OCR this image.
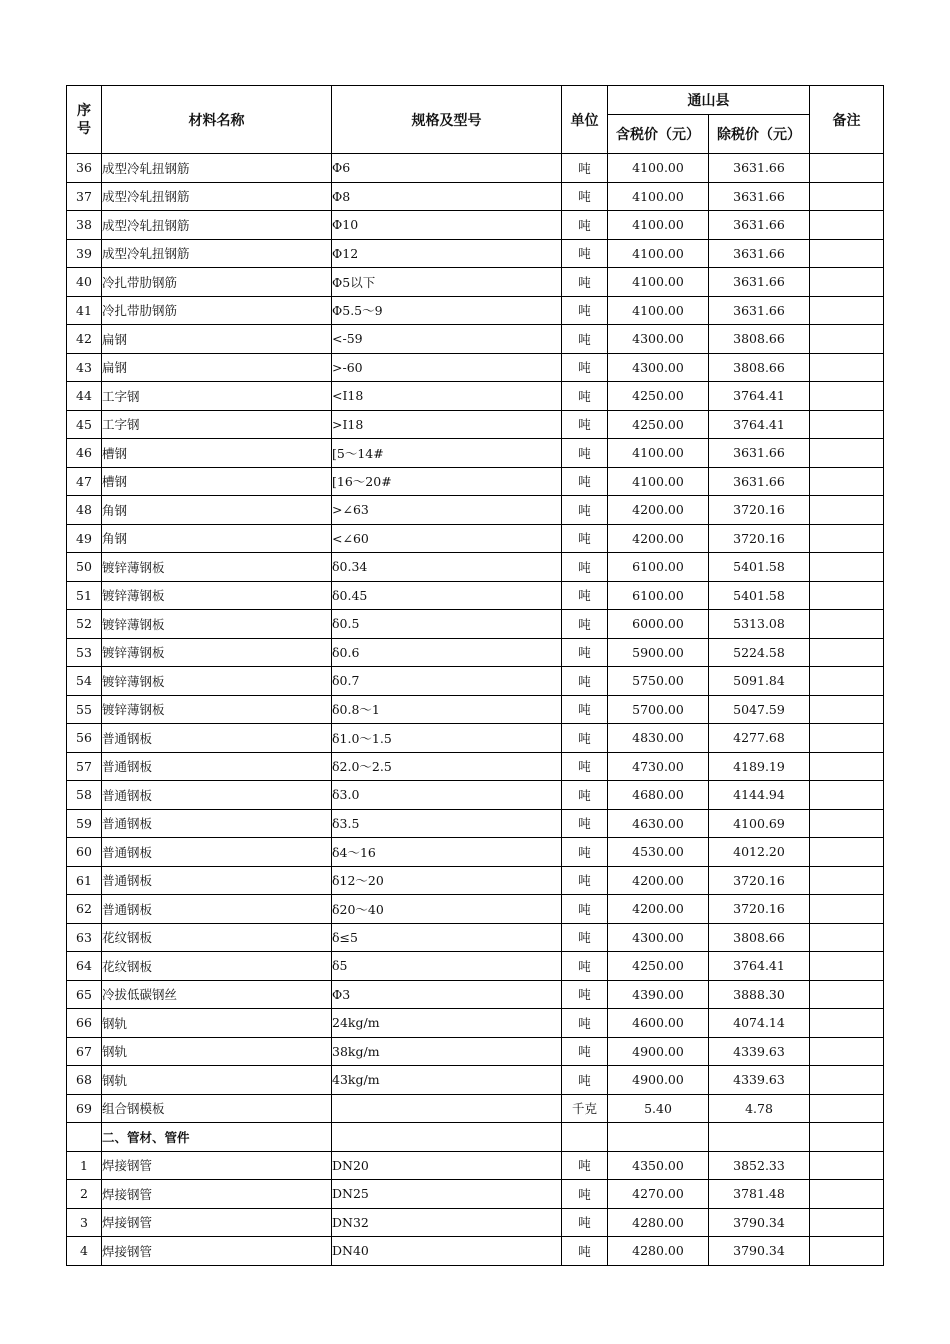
序号	材料名称	规格及型号	单位	通山县		备注
				含税价（元）	除税价（元）	
36	成型冷轧扭钢筋	Φ6	吨	4100.00	3631.66	
37	成型冷轧扭钢筋	Φ8	吨	4100.00	3631.66	
38	成型冷轧扭钢筋	Φ10	吨	4100.00	3631.66	
39	成型冷轧扭钢筋	Φ12	吨	4100.00	3631.66	
40	冷扎带肋钢筋	Φ5以下	吨	4100.00	3631.66	
41	冷扎带肋钢筋	Φ5.5～9	吨	4100.00	3631.66	
42	扁钢	<-59	吨	4300.00	3808.66	
43	扁钢	>-60	吨	4300.00	3808.66	
44	工字钢	<Ⅰ18	吨	4250.00	3764.41	
45	工字钢	>Ⅰ18	吨	4250.00	3764.41	
46	槽钢	[5～14#	吨	4100.00	3631.66	
47	槽钢	[16～20#	吨	4100.00	3631.66	
48	角钢	>∠63	吨	4200.00	3720.16	
49	角钢	<∠60	吨	4200.00	3720.16	
50	镀锌薄钢板	δ0.34	吨	6100.00	5401.58	
51	镀锌薄钢板	δ0.45	吨	6100.00	5401.58	
52	镀锌薄钢板	δ0.5	吨	6000.00	5313.08	
53	镀锌薄钢板	δ0.6	吨	5900.00	5224.58	
54	镀锌薄钢板	δ0.7	吨	5750.00	5091.84	
55	镀锌薄钢板	δ0.8～1	吨	5700.00	5047.59	
56	普通钢板	δ1.0～1.5	吨	4830.00	4277.68	
57	普通钢板	δ2.0～2.5	吨	4730.00	4189.19	
58	普通钢板	δ3.0	吨	4680.00	4144.94	
59	普通钢板	δ3.5	吨	4630.00	4100.69	
60	普通钢板	δ4～16	吨	4530.00	4012.20	
61	普通钢板	δ12～20	吨	4200.00	3720.16	
62	普通钢板	δ20～40	吨	4200.00	3720.16	
63	花纹钢板	δ≤5	吨	4300.00	3808.66	
64	花纹钢板	δ5	吨	4250.00	3764.41	
65	冷拔低碳钢丝	Φ3	吨	4390.00	3888.30	
66	钢轨	24kg/m	吨	4600.00	4074.14	
67	钢轨	38kg/m	吨	4900.00	4339.63	
68	钢轨	43kg/m	吨	4900.00	4339.63	
69	组合钢模板		千克	5.40	4.78	
	二、管材、管件					
1	焊接钢管	DN20	吨	4350.00	3852.33	
2	焊接钢管	DN25	吨	4270.00	3781.48	
3	焊接钢管	DN32	吨	4280.00	3790.34	
4	焊接钢管	DN40	吨	4280.00	3790.34	
